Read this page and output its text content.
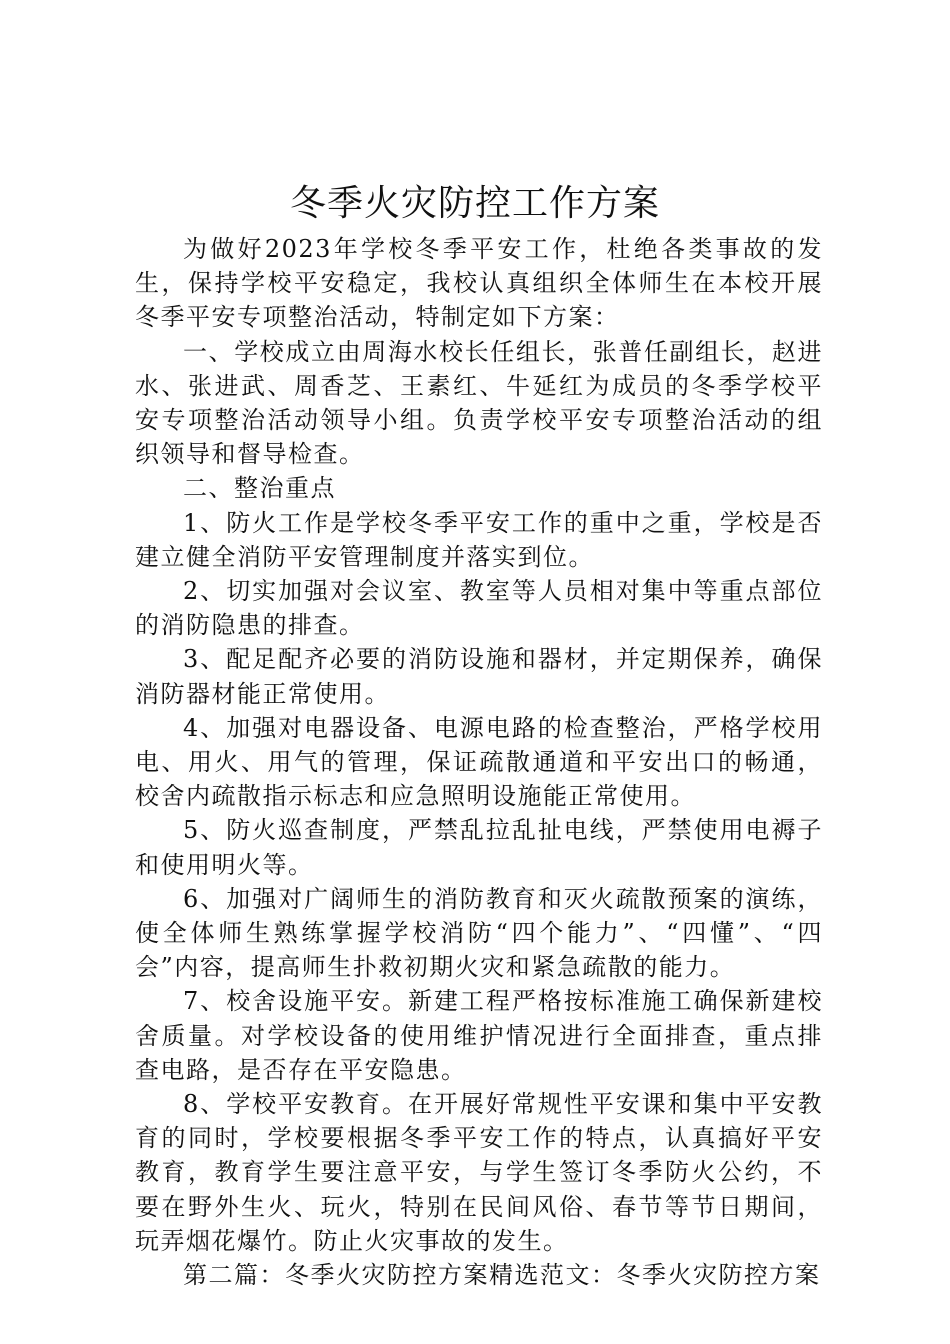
冬季火灾防控工作方案

为做好2023年学校冬季平安工作，杜绝各类事故的发生，保持学校平安稳定，我校认真组织全体师生在本校开展冬季平安专项整治活动，特制定如下方案：

一、学校成立由周海水校长任组长，张普任副组长，赵进水、张进武、周香芝、王素红、牛延红为成员的冬季学校平安专项整治活动领导小组。负责学校平安专项整治活动的组织领导和督导检查。

二、整治重点

1、防火工作是学校冬季平安工作的重中之重，学校是否建立健全消防平安管理制度并落实到位。

2、切实加强对会议室、教室等人员相对集中等重点部位的消防隐患的排查。

3、配足配齐必要的消防设施和器材，并定期保养，确保消防器材能正常使用。

4、加强对电器设备、电源电路的检查整治，严格学校用电、用火、用气的管理，保证疏散通道和平安出口的畅通，校舍内疏散指示标志和应急照明设施能正常使用。

5、防火巡查制度，严禁乱拉乱扯电线，严禁使用电褥子和使用明火等。

6、加强对广阔师生的消防教育和灭火疏散预案的演练，使全体师生熟练掌握学校消防“四个能力”、“四懂”、“四会”内容，提高师生扑救初期火灾和紧急疏散的能力。

7、校舍设施平安。新建工程严格按标准施工确保新建校舍质量。对学校设备的使用维护情况进行全面排查，重点排查电路，是否存在平安隐患。

8、学校平安教育。在开展好常规性平安课和集中平安教育的同时，学校要根据冬季平安工作的特点，认真搞好平安教育，教育学生要注意平安，与学生签订冬季防火公约，不要在野外生火、玩火，特别在民间风俗、春节等节日期间，玩弄烟花爆竹。防止火灾事故的发生。

第二篇：冬季火灾防控方案精选范文：冬季火灾防控方案
